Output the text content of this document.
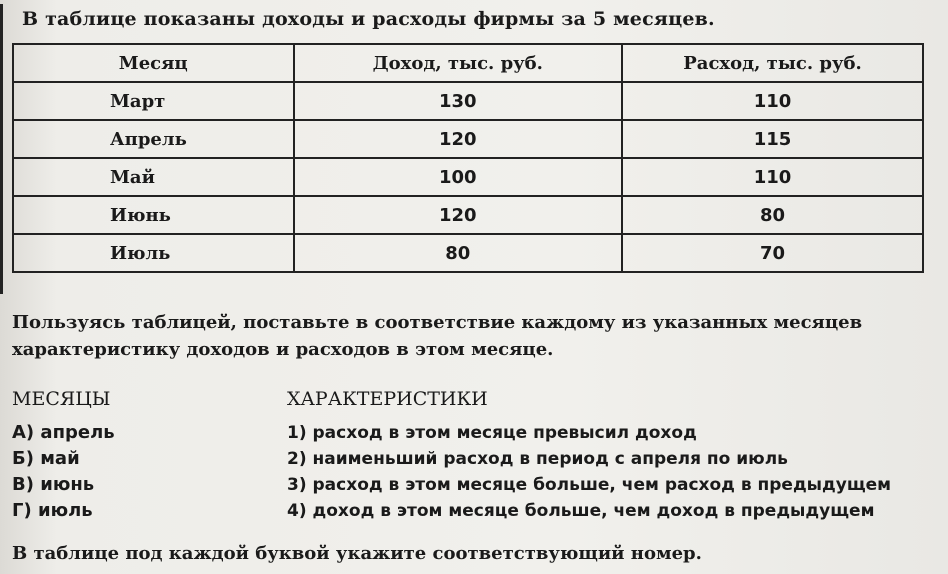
В таблице показаны доходы и расходы фирмы за 5 месяцев.
Месяц	Доход, тыс. руб.	Расход, тыс. руб.
Март	130	110
Апрель	120	115
Май	100	110
Июнь	120	80
Июль	80	70
Пользуясь таблицей, поставьте в соответствие каждому из указанных месяцев характеристику доходов и расходов в этом месяце.
МЕСЯЦЫ	ХАРАКТЕРИСТИКИ
А) апрель
Б) май
В) июнь
Г) июль
1) расход в этом месяце превысил доход
2) наименьший расход в период с апреля по июль
3) расход в этом месяце больше, чем расход в предыдущем
4) доход в этом месяце больше, чем доход в предыдущем
В таблице под каждой буквой укажите соответствующий номер.
